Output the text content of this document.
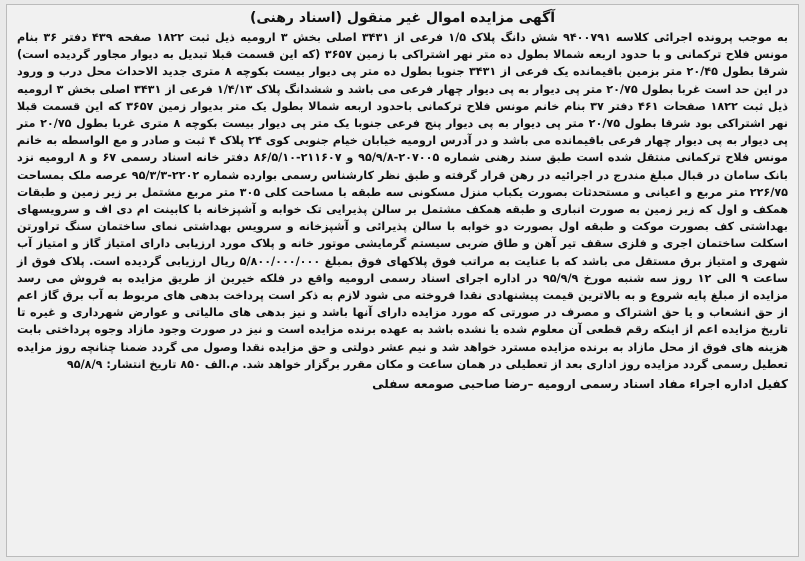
آگهی مزایده اموال غیر منقول (اسناد رهنی)

به موجب پرونده اجرائی کلاسه ۹۴۰۰۷۹۱ شش دانگ پلاک ۱/۵ فرعی از ۳۴۳۱ اصلی بخش ۳ ارومیه ذیل ثبت ۱۸۲۲ صفحه ۴۳۹ دفتر ۳۶ بنام مونس فلاح ترکمانی و با حدود اربعه شمالا بطول ده متر نهر اشتراکی با زمین ۳۶۵۷ (که این قسمت قبلا تبدیل به دیوار مجاور گردیده است) شرقا بطول ۲۰/۴۵ متر بزمین باقیمانده یک فرعی از ۳۴۳۱ جنوبا بطول ده متر پی دیوار بیست بکوچه ۸ متری جدید الاحداث محل درب و ورود در این حد است غربا بطول ۲۰/۷۵ متر پی دیوار به پی دیوار چهار فرعی می باشد و ششدانگ پلاک ۱/۴/۱۳ فرعی از ۳۴۳۱ اصلی بخش ۳ ارومیه ذیل ثبت ۱۸۲۲ صفحات ۴۶۱ دفتر ۳۷ بنام خانم مونس فلاح ترکمانی باحدود اربعه شمالا بطول یک متر بدیوار زمین ۳۶۵۷ که این قسمت قبلا نهر اشتراکی بود شرقا بطول ۲۰/۷۵ متر پی دیوار به پی دیوار پنج فرعی جنوبا یک متر پی دیوار بیست بکوچه ۸ متری غربا بطول ۲۰/۷۵ متر پی دیوار به پی دیوار چهار فرعی باقیمانده می باشد و در آدرس ارومیه خیابان خیام جنوبی کوی ۲۴ پلاک ۴ ثبت و صادر و مع الواسطه به خانم مونس فلاح ترکمانی منتقل شده است طبق سند رهنی شماره ۲۰۷۰۰۵-۹۵/۹/۸ و ۲۱۱۶۰۷-۸۶/۵/۱۰ دفتر خانه اسناد رسمی ۶۷ و ۸ ارومیه نزد بانک سامان در قبال مبلغ مندرج در اجرائیه در رهن قرار گرفته و طبق نظر کارشناس رسمی بوارده شماره ۲۲۰۲-۹۵/۳/۳ عرصه ملک بمساحت ۲۲۶/۷۵ متر مربع و اعیانی و مستحدثات بصورت یکباب منزل مسکونی سه طبقه با مساحت کلی ۳۰۵ متر مربع مشتمل بر زیر زمین و طبقات همکف و اول که زیر زمین به صورت انباری و طبقه همکف مشتمل بر سالن پذیرایی تک خوابه و آشپزخانه با کابینت ام دی اف و سرویسهای بهداشتی کف بصورت موکت و طبقه اول بصورت دو خوابه با سالن پذیرائی و آشپزخانه و سرویس بهداشتی نمای ساختمان سنگ تراورتن اسکلت ساختمان اجری و فلزی سقف تیر آهن و طاق ضربی سیستم گرمایشی موتور خانه و پلاک مورد ارزیابی دارای امتیاز گاز و امتیاز آب شهری و امتیاز برق مستقل می باشد که با عنایت به مراتب فوق پلاکهای فوق بمبلغ ۵/۸۰۰/۰۰۰/۰۰۰ ریال ارزیابی گردیده است. پلاک فوق از ساعت ۹ الی ۱۲ روز سه شنبه مورخ ۹۵/۹/۹ در اداره اجرای اسناد رسمی ارومیه واقع در فلکه خیرین از طریق مزایده به فروش می رسد مزایده از مبلغ پایه شروع و به بالاترین قیمت پیشنهادی نقدا فروخته می شود لازم به ذکر است پرداخت بدهی های مربوط به آب برق گاز اعم از حق انشعاب و یا حق اشتراک و مصرف در صورتی که مورد مزایده دارای آنها باشد و نیز بدهی های مالیاتی و عوارض شهرداری و غیره تا تاریخ مزایده اعم از اینکه رقم قطعی آن معلوم شده یا نشده باشد به عهده برنده مزایده است و نیز در صورت وجود مازاد وجوه پرداختی بابت هزینه های فوق از محل مازاد به برنده مزایده مسترد خواهد شد و نیم عشر دولتی و حق مزایده نقدا وصول می گردد ضمنا چنانچه روز مزایده تعطیل رسمی گردد مزایده روز اداری بعد از تعطیلی در همان ساعت و مکان مقرر برگزار خواهد شد. م.الف ۸۵۰ تاریخ انتشار: ۹۵/۸/۹

کفیل اداره اجراء مفاد اسناد رسمی ارومیه –رضا صاحبی صومعه سفلی
